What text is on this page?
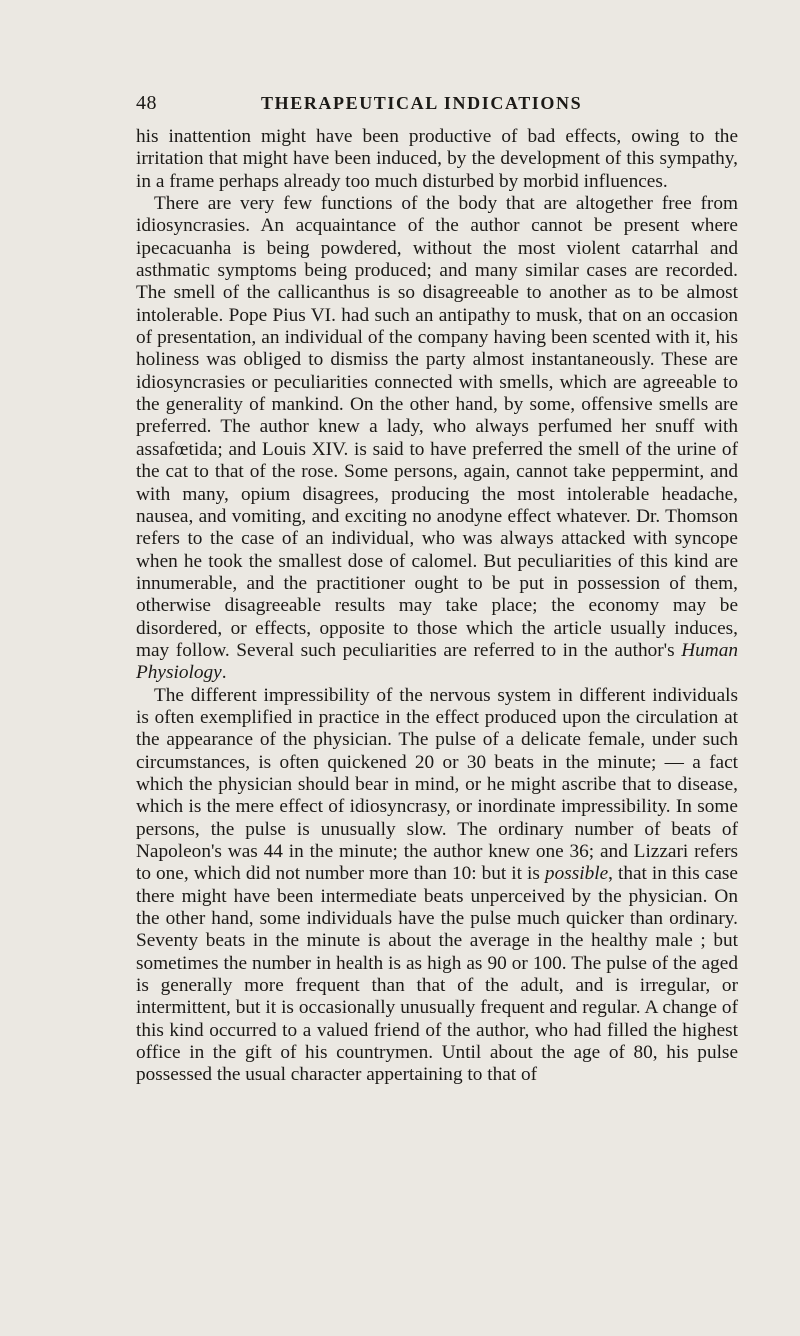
48	THERAPEUTICAL INDICATIONS

his inattention might have been productive of bad effects, owing to the irritation that might have been induced, by the development of this sympathy, in a frame perhaps already too much disturbed by morbid influences.

There are very few functions of the body that are altogether free from idiosyncrasies. An acquaintance of the author cannot be present where ipecacuanha is being powdered, without the most violent catarrhal and asthmatic symptoms being produced; and many similar cases are recorded. The smell of the callicanthus is so disagreeable to another as to be almost intolerable. Pope Pius VI. had such an antipathy to musk, that on an occasion of presentation, an individual of the company having been scented with it, his holiness was obliged to dismiss the party almost instantaneously. These are idiosyncrasies or peculiarities connected with smells, which are agreeable to the generality of mankind. On the other hand, by some, offensive smells are preferred. The author knew a lady, who always perfumed her snuff with assafœtida; and Louis XIV. is said to have preferred the smell of the urine of the cat to that of the rose. Some persons, again, cannot take peppermint, and with many, opium disagrees, producing the most intolerable headache, nausea, and vomiting, and exciting no anodyne effect whatever. Dr. Thomson refers to the case of an individual, who was always attacked with syncope when he took the smallest dose of calomel. But peculiarities of this kind are innumerable, and the practitioner ought to be put in possession of them, otherwise disagreeable results may take place; the economy may be disordered, or effects, opposite to those which the article usually induces, may follow. Several such peculiarities are referred to in the author's Human Physiology.

The different impressibility of the nervous system in different individuals is often exemplified in practice in the effect produced upon the circulation at the appearance of the physician. The pulse of a delicate female, under such circumstances, is often quickened 20 or 30 beats in the minute; — a fact which the physician should bear in mind, or he might ascribe that to disease, which is the mere effect of idiosyncrasy, or inordinate impressibility. In some persons, the pulse is unusually slow. The ordinary number of beats of Napoleon's was 44 in the minute; the author knew one 36; and Lizzari refers to one, which did not number more than 10: but it is possible, that in this case there might have been intermediate beats unperceived by the physician. On the other hand, some individuals have the pulse much quicker than ordinary. Seventy beats in the minute is about the average in the healthy male ; but sometimes the number in health is as high as 90 or 100. The pulse of the aged is generally more frequent than that of the adult, and is irregular, or intermittent, but it is occasionally unusually frequent and regular. A change of this kind occurred to a valued friend of the author, who had filled the highest office in the gift of his countrymen. Until about the age of 80, his pulse possessed the usual character appertaining to that of
